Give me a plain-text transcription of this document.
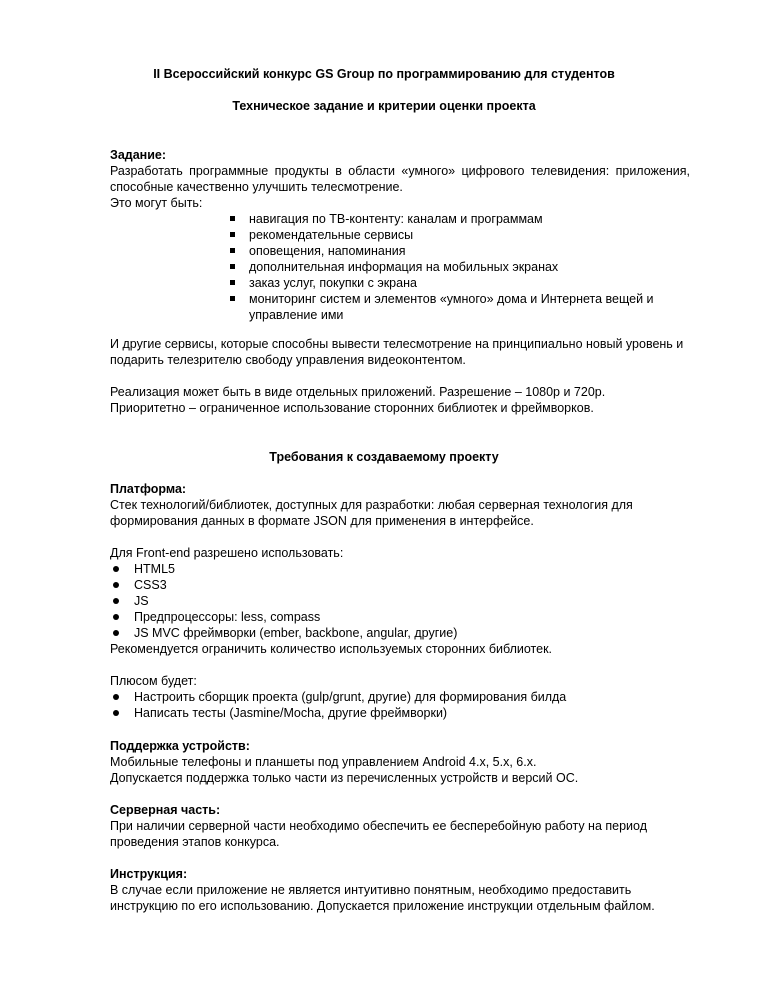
II Всероссийский конкурс GS Group по программированию для студентов
Техническое задание и критерии оценки проекта
Задание:
Разработать программные продукты в области «умного» цифрового телевидения: приложения, способные качественно улучшить телесмотрение.
Это могут быть:
навигация по ТВ-контенту: каналам и программам
рекомендательные сервисы
оповещения, напоминания
дополнительная информация на мобильных экранах
заказ услуг, покупки с экрана
мониторинг систем и элементов «умного» дома и Интернета вещей и управление ими
И другие сервисы, которые способны вывести телесмотрение на принципиально новый уровень и подарить телезрителю свободу управления видеоконтентом.
Реализация может быть в виде отдельных приложений. Разрешение – 1080р и 720р.
Приоритетно – ограниченное использование сторонних библиотек и фреймворков.
Требования к создаваемому проекту
Платформа:
Стек технологий/библиотек, доступных для разработки: любая серверная технология для формирования данных в формате JSON для применения в интерфейсе.
Для Front-end разрешено использовать:
HTML5
CSS3
JS
Предпроцессоры: less, compass
JS MVC фреймворки (ember, backbone, angular, другие)
Рекомендуется ограничить количество используемых сторонних библиотек.
Плюсом будет:
Настроить сборщик проекта (gulp/grunt, другие) для формирования билда
Написать тесты (Jasmine/Mocha, другие фреймворки)
Поддержка устройств:
Мобильные телефоны и планшеты под управлением Android 4.x, 5.x, 6.x.
Допускается поддержка только части из перечисленных устройств и версий ОС.
Серверная часть:
При наличии серверной части необходимо обеспечить ее бесперебойную работу на период проведения этапов конкурса.
Инструкция:
В случае если приложение не является интуитивно понятным, необходимо предоставить инструкцию по его использованию. Допускается приложение инструкции отдельным файлом.
